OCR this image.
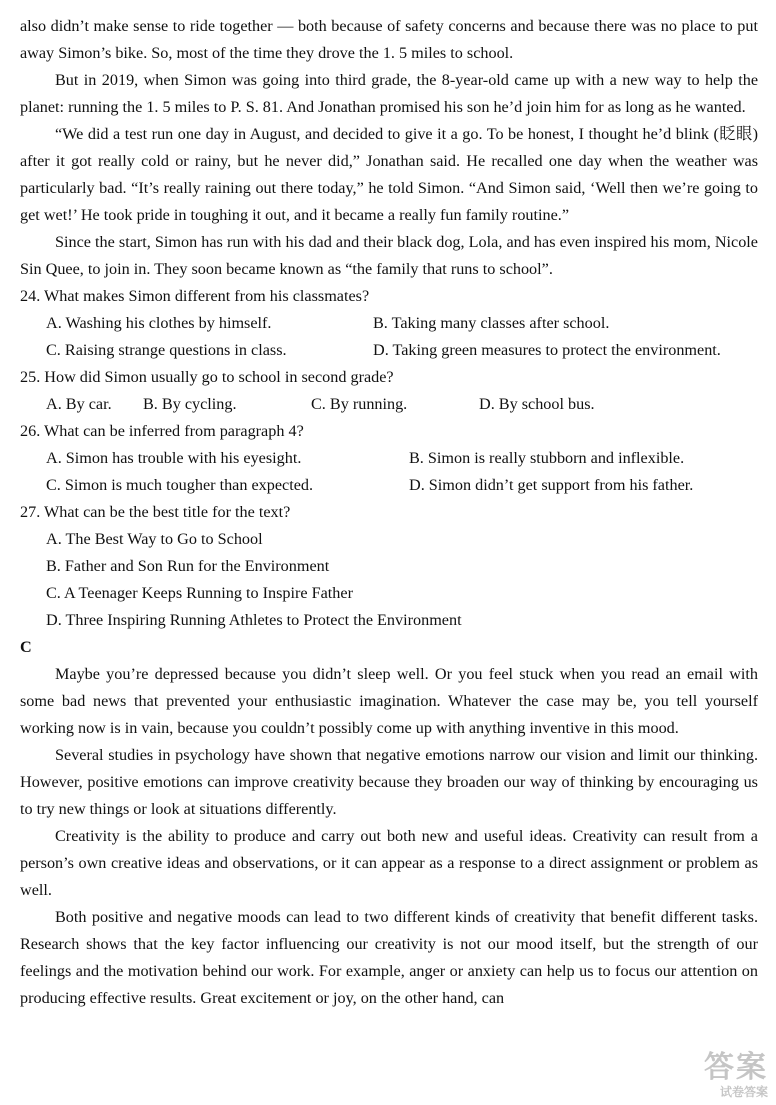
also didn’t make sense to ride together — both because of safety concerns and because there was no place to put away Simon’s bike. So, most of the time they drove the 1. 5 miles to school.

But in 2019, when Simon was going into third grade, the 8-year-old came up with a new way to help the planet: running the 1. 5 miles to P. S. 81. And Jonathan promised his son he’d join him for as long as he wanted.

“We did a test run one day in August, and decided to give it a go. To be honest, I thought he’d blink (眨眼) after it got really cold or rainy, but he never did,” Jonathan said. He recalled one day when the weather was particularly bad. “It’s really raining out there today,” he told Simon. “And Simon said, ‘Well then we’re going to get wet!’ He took pride in toughing it out, and it became a really fun family routine.”

Since the start, Simon has run with his dad and their black dog, Lola, and has even inspired his mom, Nicole Sin Quee, to join in. They soon became known as “the family that runs to school”.

24. What makes Simon different from his classmates?

A. Washing his clothes by himself.	B. Taking many classes after school.
C. Raising strange questions in class.	D. Taking green measures to protect the environment.

25. How did Simon usually go to school in second grade?

A. By car.	B. By cycling.	C. By running.	D. By school bus.

26. What can be inferred from paragraph 4?

A. Simon has trouble with his eyesight.	B. Simon is really stubborn and inflexible.
C. Simon is much tougher than expected.	D. Simon didn’t get support from his father.

27. What can be the best title for the text?

A. The Best Way to Go to School
B. Father and Son Run for the Environment
C. A Teenager Keeps Running to Inspire Father
D. Three Inspiring Running Athletes to Protect the Environment

C

Maybe you’re depressed because you didn’t sleep well. Or you feel stuck when you read an email with some bad news that prevented your enthusiastic imagination. Whatever the case may be, you tell yourself working now is in vain, because you couldn’t possibly come up with anything inventive in this mood.

Several studies in psychology have shown that negative emotions narrow our vision and limit our thinking. However, positive emotions can improve creativity because they broaden our way of thinking by encouraging us to try new things or look at situations differently.

Creativity is the ability to produce and carry out both new and useful ideas. Creativity can result from a person’s own creative ideas and observations, or it can appear as a response to a direct assignment or problem as well.

Both positive and negative moods can lead to two different kinds of creativity that benefit different tasks. Research shows that the key factor influencing our creativity is not our mood itself, but the strength of our feelings and the motivation behind our work. For example, anger or anxiety can help us to focus our attention on producing effective results. Great excitement or joy, on the other hand, can

答案
试卷答案
